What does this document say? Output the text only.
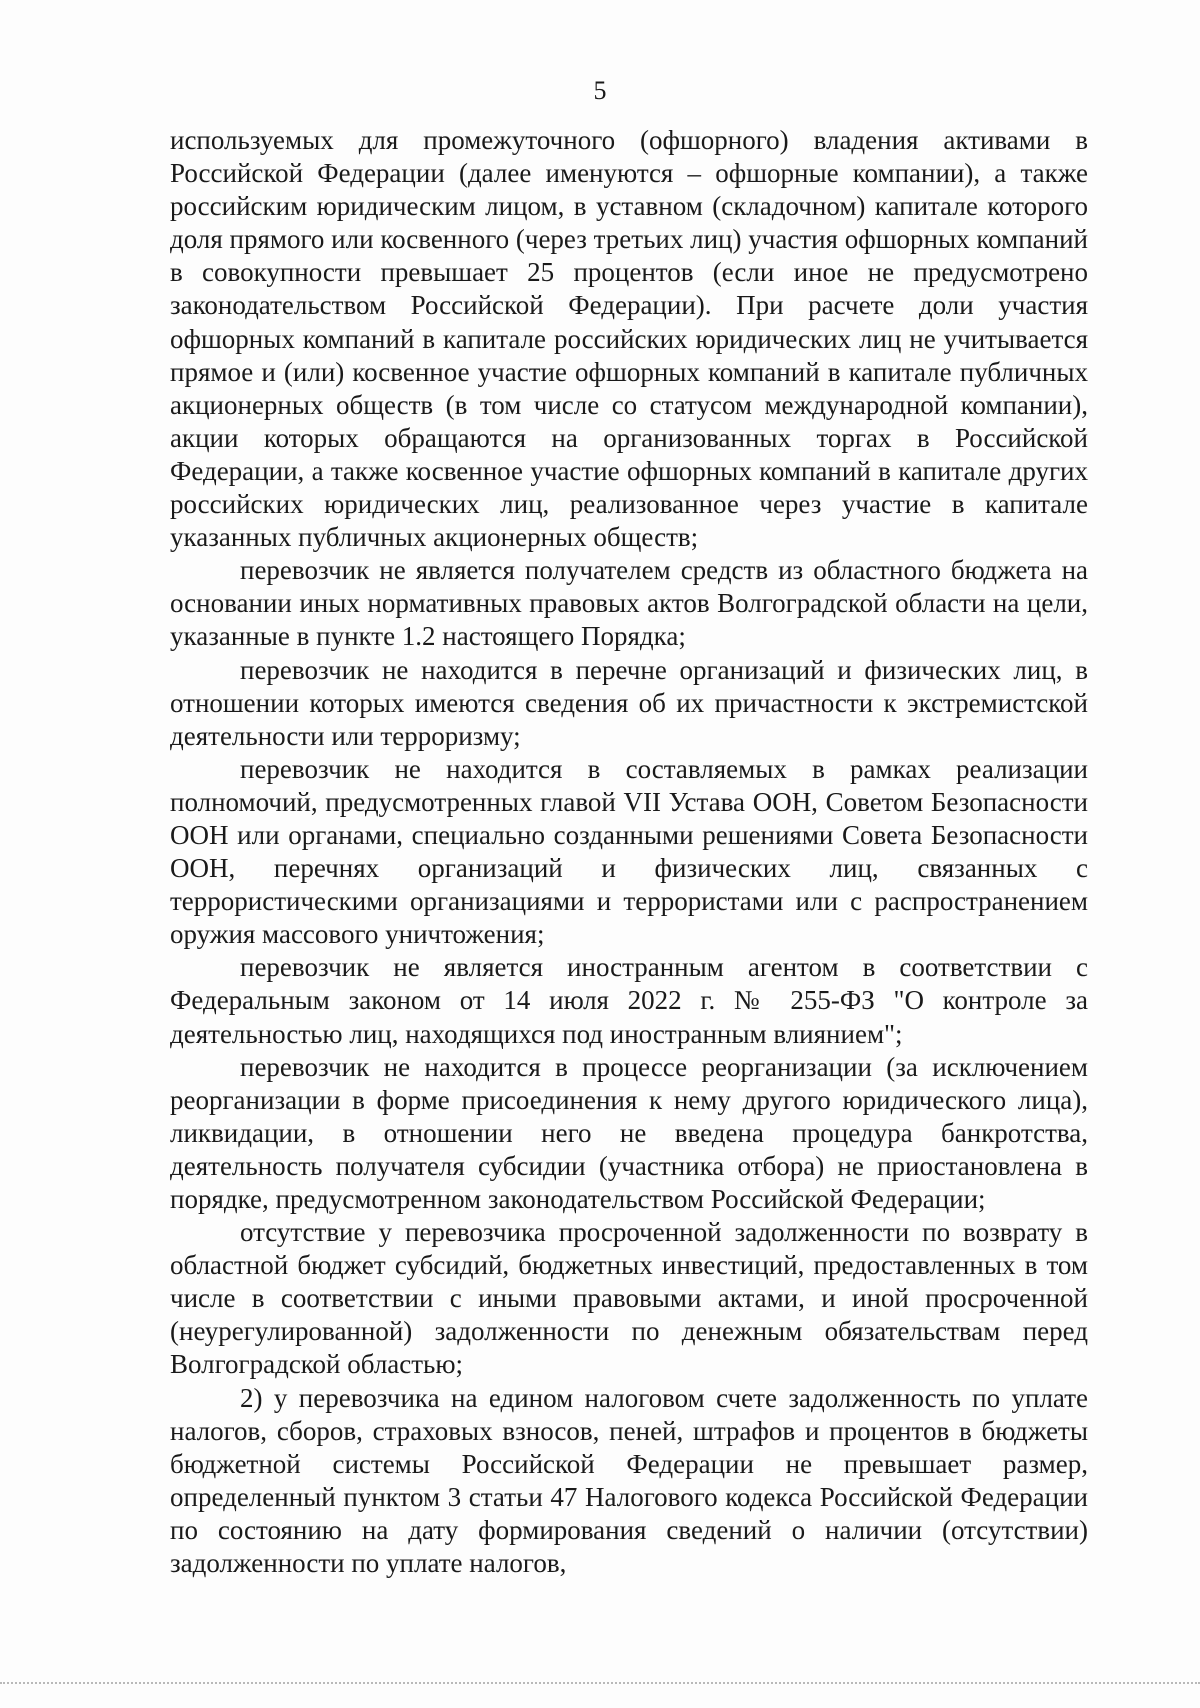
5

используемых для промежуточного (офшорного) владения активами в Российской Федерации (далее именуются – офшорные компании), а также российским юридическим лицом, в уставном (складочном) капитале которого доля прямого или косвенного (через третьих лиц) участия офшорных компаний в совокупности превышает 25 процентов (если иное не предусмотрено законодательством Российской Федерации). При расчете доли участия офшорных компаний в капитале российских юридических лиц не учитывается прямое и (или) косвенное участие офшорных компаний в капитале публичных акционерных обществ (в том числе со статусом международной компании), акции которых обращаются на организованных торгах в Российской Федерации, а также косвенное участие офшорных компаний в капитале других российских юридических лиц, реализованное через участие в капитале указанных публичных акционерных обществ;

перевозчик не является получателем средств из областного бюджета на основании иных нормативных правовых актов Волгоградской области на цели, указанные в пункте 1.2 настоящего Порядка;

перевозчик не находится в перечне организаций и физических лиц, в отношении которых имеются сведения об их причастности к экстремистской деятельности или терроризму;

перевозчик не находится в составляемых в рамках реализации полномочий, предусмотренных главой VII Устава ООН, Советом Безопасности ООН или органами, специально созданными решениями Совета Безопасности ООН, перечнях организаций и физических лиц, связанных с террористическими организациями и террористами или с распространением оружия массового уничтожения;

перевозчик не является иностранным агентом в соответствии с Федеральным законом от 14 июля 2022 г. № 255-ФЗ "О контроле за деятельностью лиц, находящихся под иностранным влиянием";

перевозчик не находится в процессе реорганизации (за исключением реорганизации в форме присоединения к нему другого юридического лица), ликвидации, в отношении него не введена процедура банкротства, деятельность получателя субсидии (участника отбора) не приостановлена в порядке, предусмотренном законодательством Российской Федерации;

отсутствие у перевозчика просроченной задолженности по возврату в областной бюджет субсидий, бюджетных инвестиций, предоставленных в том числе в соответствии с иными правовыми актами, и иной просроченной (неурегулированной) задолженности по денежным обязательствам перед Волгоградской областью;

2) у перевозчика на едином налоговом счете задолженность по уплате налогов, сборов, страховых взносов, пеней, штрафов и процентов в бюджеты бюджетной системы Российской Федерации не превышает размер, определенный пунктом 3 статьи 47 Налогового кодекса Российской Федерации по состоянию на дату формирования сведений о наличии (отсутствии) задолженности по уплате налогов,
